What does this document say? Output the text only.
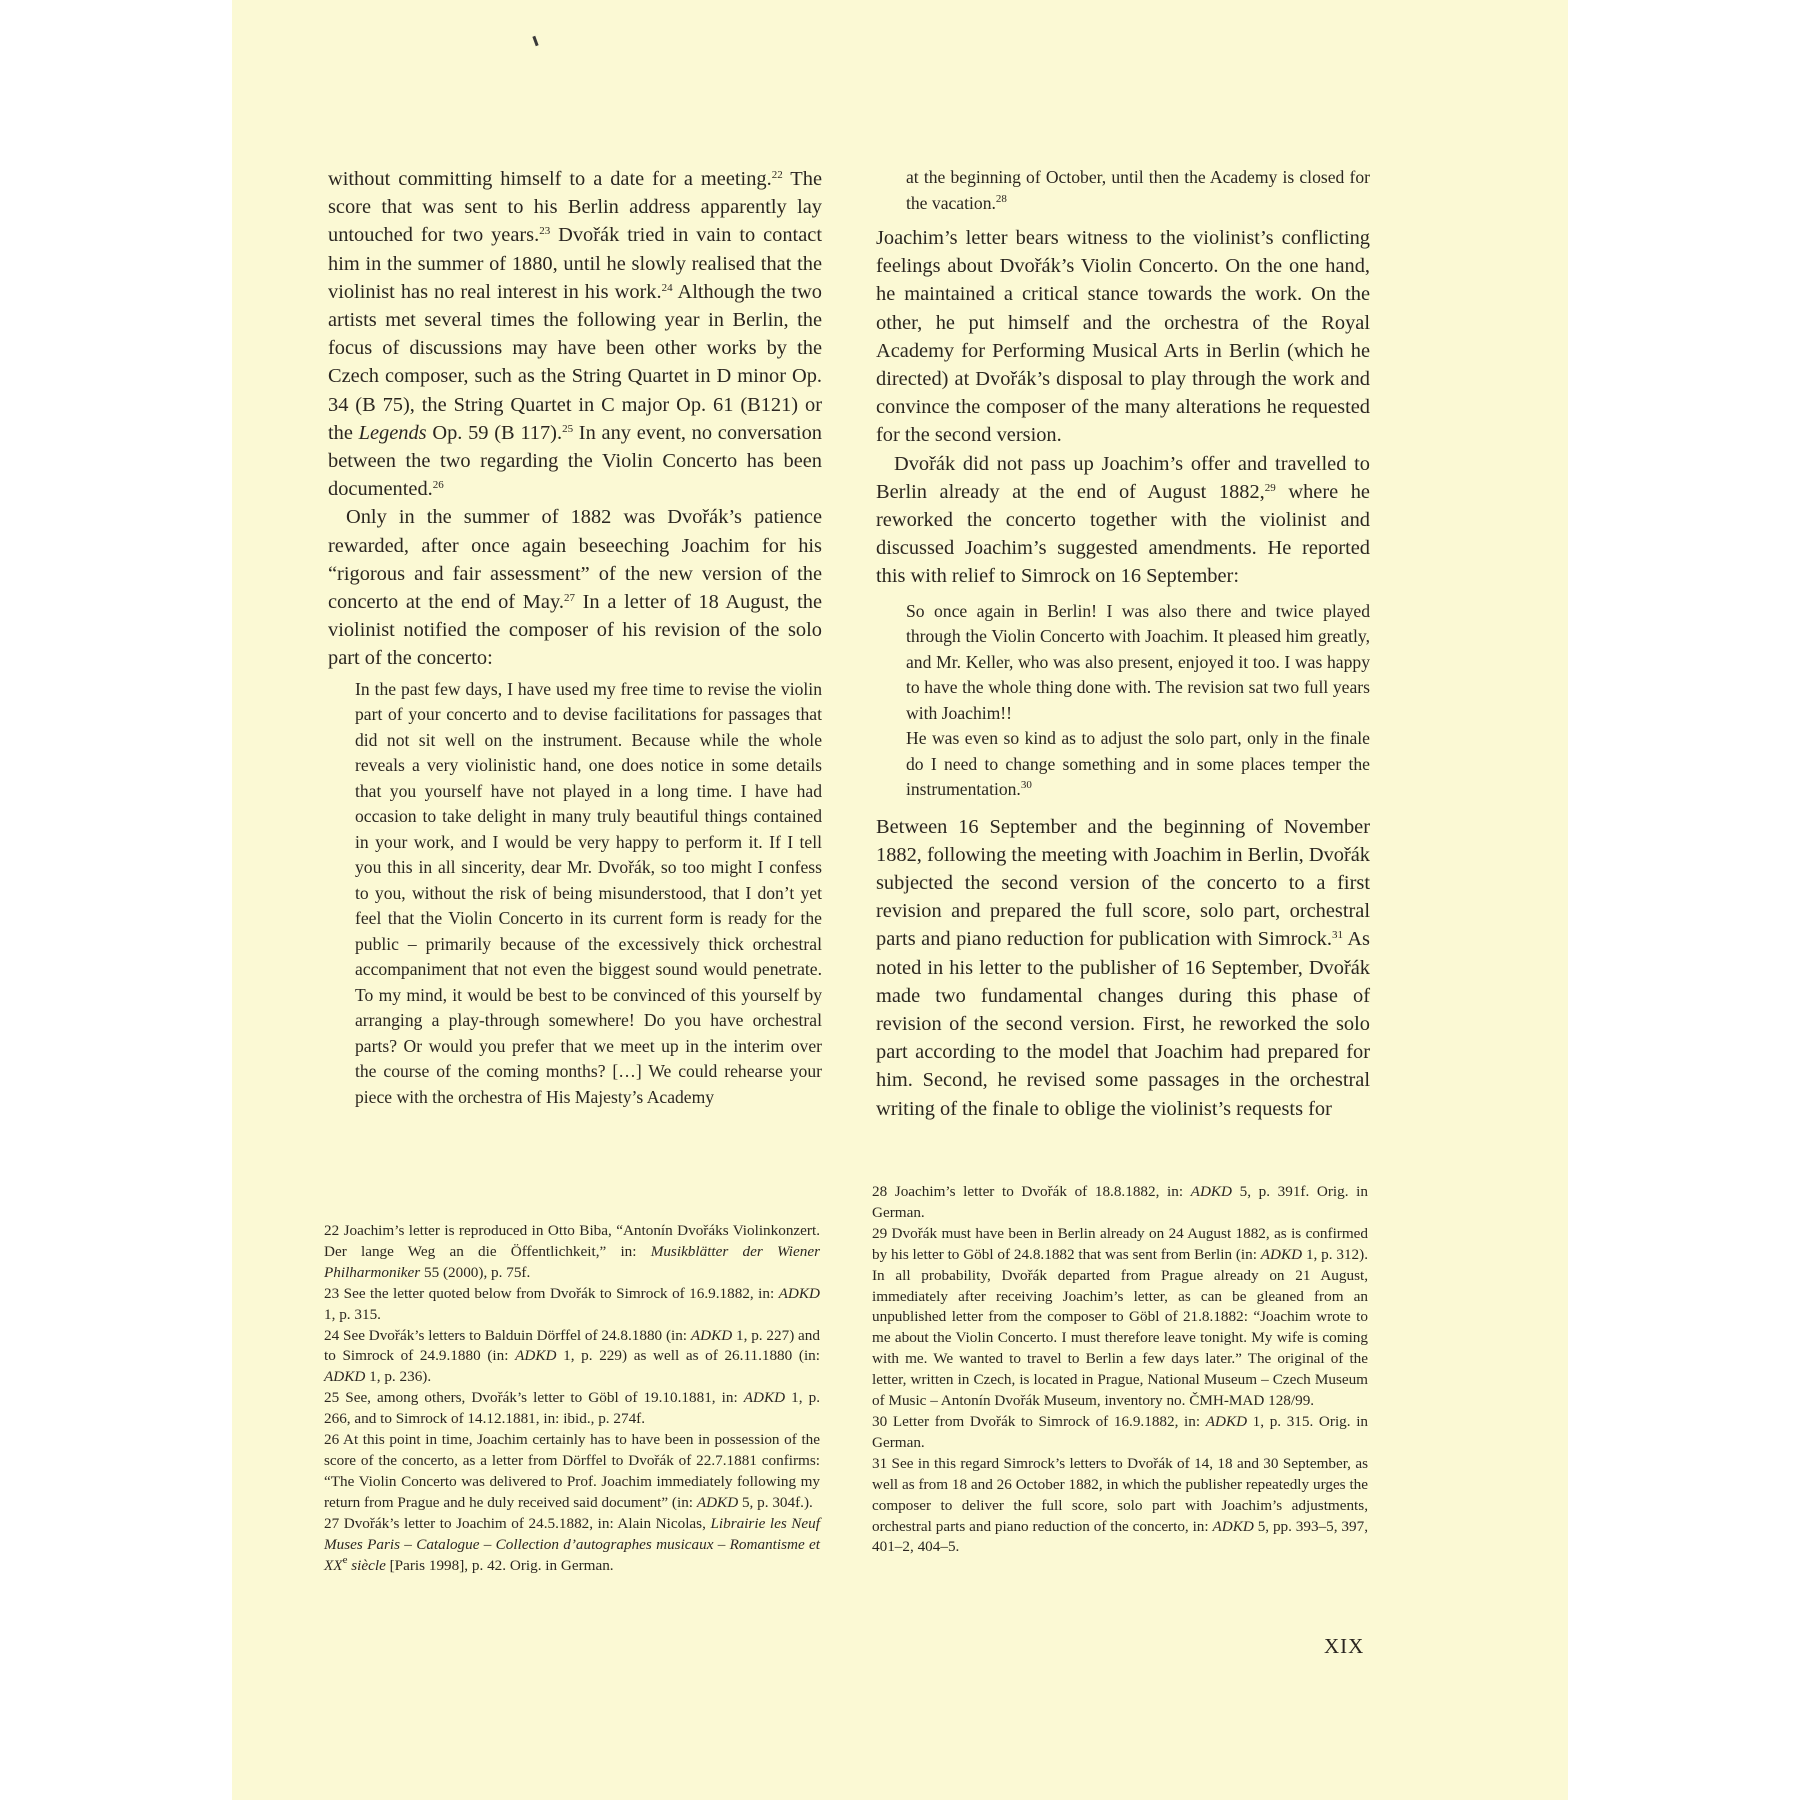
without committing himself to a date for a meeting.$^{22}$ The score that was sent to his Berlin address apparently lay untouched for two years.$^{23}$ Dvořák tried in vain to contact him in the summer of 1880, until he slowly realised that the violinist has no real interest in his work.$^{24}$ Although the two artists met several times the following year in Berlin, the focus of discussions may have been other works by the Czech composer, such as the String Quartet in D minor Op. 34 (B 75), the String Quartet in C major Op. 61 (B121) or the Legends Op. 59 (B 117).$^{25}$ In any event, no conversation between the two regarding the Violin Concerto has been documented.$^{26}$

Only in the summer of 1882 was Dvořák’s patience rewarded, after once again beseeching Joachim for his “rigorous and fair assessment” of the new version of the concerto at the end of May.$^{27}$ In a letter of 18 August, the violinist notified the composer of his revision of the solo part of the concerto:

In the past few days, I have used my free time to revise the violin part of your concerto and to devise facilitations for passages that did not sit well on the instrument. Because while the whole reveals a very violinistic hand, one does notice in some details that you yourself have not played in a long time. I have had occasion to take delight in many truly beautiful things contained in your work, and I would be very happy to perform it. If I tell you this in all sincerity, dear Mr. Dvořák, so too might I confess to you, without the risk of being misunderstood, that I don’t yet feel that the Violin Concerto in its current form is ready for the public – primarily because of the excessively thick orchestral accompaniment that not even the biggest sound would penetrate. To my mind, it would be best to be convinced of this yourself by arranging a play-through somewhere! Do you have orchestral parts? Or would you prefer that we meet up in the interim over the course of the coming months? […] We could rehearse your piece with the orchestra of His Majesty’s Academy

22 Joachim’s letter is reproduced in Otto Biba, “Antonín Dvořáks Violinkonzert. Der lange Weg an die Öffentlichkeit,” in: Musikblätter der Wiener Philharmoniker 55 (2000), p. 75f.

23 See the letter quoted below from Dvořák to Simrock of 16.9.1882, in: ADKD 1, p. 315.

24 See Dvořák’s letters to Balduin Dörffel of 24.8.1880 (in: ADKD 1, p. 227) and to Simrock of 24.9.1880 (in: ADKD 1, p. 229) as well as of 26.11.1880 (in: ADKD 1, p. 236).

25 See, among others, Dvořák’s letter to Göbl of 19.10.1881, in: ADKD 1, p. 266, and to Simrock of 14.12.1881, in: ibid., p. 274f.

26 At this point in time, Joachim certainly has to have been in possession of the score of the concerto, as a letter from Dörffel to Dvořák of 22.7.1881 confirms: “The Violin Concerto was delivered to Prof. Joachim immediately following my return from Prague and he duly received said document” (in: ADKD 5, p. 304f.).

27 Dvořák’s letter to Joachim of 24.5.1882, in: Alain Nicolas, Librairie les Neuf Muses Paris – Catalogue – Collection d’autographes musicaux – Romantisme et XXe siècle [Paris 1998], p. 42. Orig. in German.

at the beginning of October, until then the Academy is closed for the vacation.$^{28}$

Joachim’s letter bears witness to the violinist’s conflicting feelings about Dvořák’s Violin Concerto. On the one hand, he maintained a critical stance towards the work. On the other, he put himself and the orchestra of the Royal Academy for Performing Musical Arts in Berlin (which he directed) at Dvořák’s disposal to play through the work and convince the composer of the many alterations he requested for the second version.

Dvořák did not pass up Joachim’s offer and travelled to Berlin already at the end of August 1882,29 where he reworked the concerto together with the violinist and discussed Joachim’s suggested amendments. He reported this with relief to Simrock on 16 September:

So once again in Berlin! I was also there and twice played through the Violin Concerto with Joachim. It pleased him greatly, and Mr. Keller, who was also present, enjoyed it too. I was happy to have the whole thing done with. The revision sat two full years with Joachim!!

He was even so kind as to adjust the solo part, only in the finale do I need to change something and in some places temper the instrumentation.$^{30}$

Between 16 September and the beginning of November 1882, following the meeting with Joachim in Berlin, Dvořák subjected the second version of the concerto to a first revision and prepared the full score, solo part, orchestral parts and piano reduction for publication with Simrock.$^{31}$ As noted in his letter to the publisher of 16 September, Dvořák made two fundamental changes during this phase of revision of the second version. First, he reworked the solo part according to the model that Joachim had prepared for him. Second, he revised some passages in the orchestral writing of the finale to oblige the violinist’s requests for

28 Joachim’s letter to Dvořák of 18.8.1882, in: ADKD 5, p. 391f. Orig. in German.

29 Dvořák must have been in Berlin already on 24 August 1882, as is confirmed by his letter to Göbl of 24.8.1882 that was sent from Berlin (in: ADKD 1, p. 312). In all probability, Dvořák departed from Prague already on 21 August, immediately after receiving Joachim’s letter, as can be gleaned from an unpublished letter from the composer to Göbl of 21.8.1882: “Joachim wrote to me about the Violin Concerto. I must therefore leave tonight. My wife is coming with me. We wanted to travel to Berlin a few days later.” The original of the letter, written in Czech, is located in Prague, National Museum – Czech Museum of Music – Antonín Dvořák Museum, inventory no. ČMH-MAD 128/99.

30 Letter from Dvořák to Simrock of 16.9.1882, in: ADKD 1, p. 315. Orig. in German.

31 See in this regard Simrock’s letters to Dvořák of 14, 18 and 30 September, as well as from 18 and 26 October 1882, in which the publisher repeatedly urges the composer to deliver the full score, solo part with Joachim’s adjustments, orchestral parts and piano reduction of the concerto, in: ADKD 5, pp. 393–5, 397, 401–2, 404–5.

XIX
